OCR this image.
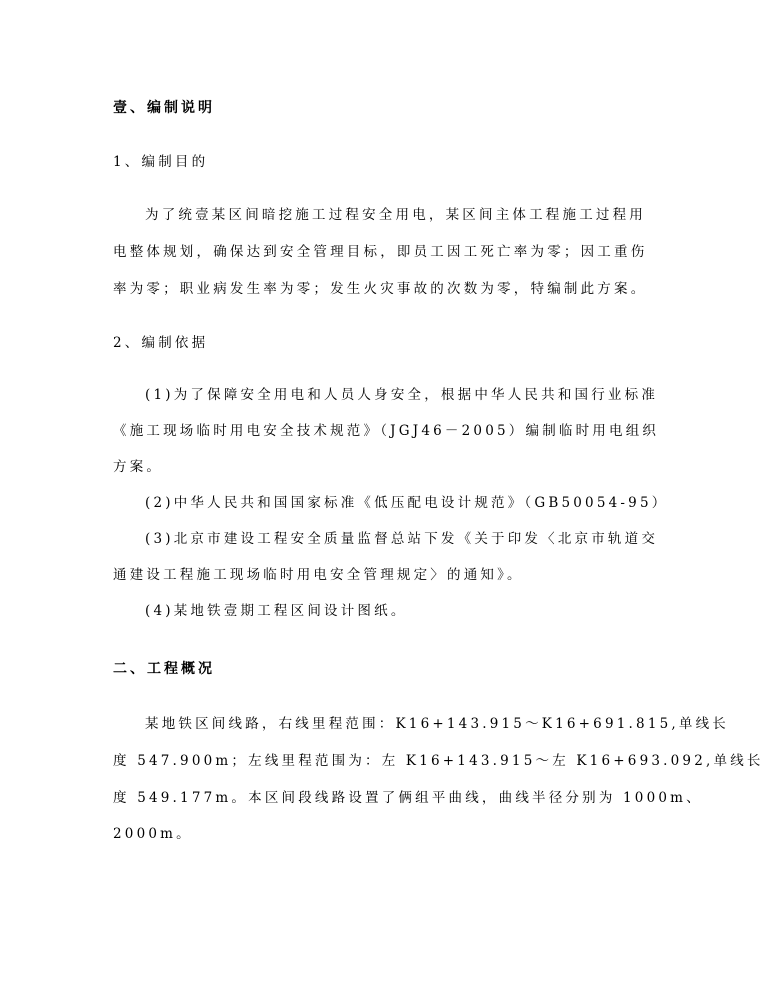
壹、编制说明
1、编制目的
为了统壹某区间暗挖施工过程安全用电，某区间主体工程施工过程用
电整体规划，确保达到安全管理目标，即员工因工死亡率为零；因工重伤
率为零；职业病发生率为零；发生火灾事故的次数为零，特编制此方案。
2、编制依据
(1)为了保障安全用电和人员人身安全，根据中华人民共和国行业标准
《施工现场临时用电安全技术规范》（JGJ46－2005）编制临时用电组织
方案。
(2)中华人民共和国国家标准《低压配电设计规范》（GB50054-95）
(3)北京市建设工程安全质量监督总站下发《关于印发〈北京市轨道交
通建设工程施工现场临时用电安全管理规定〉的通知》。
(4)某地铁壹期工程区间设计图纸。
二、工程概况
某地铁区间线路，右线里程范围：K16+143.915～K16+691.815,单线长
度 547.900m；左线里程范围为：左 K16+143.915～左 K16+693.092,单线长
度 549.177m。本区间段线路设置了俩组平曲线，曲线半径分别为 1000m、
2000m。
